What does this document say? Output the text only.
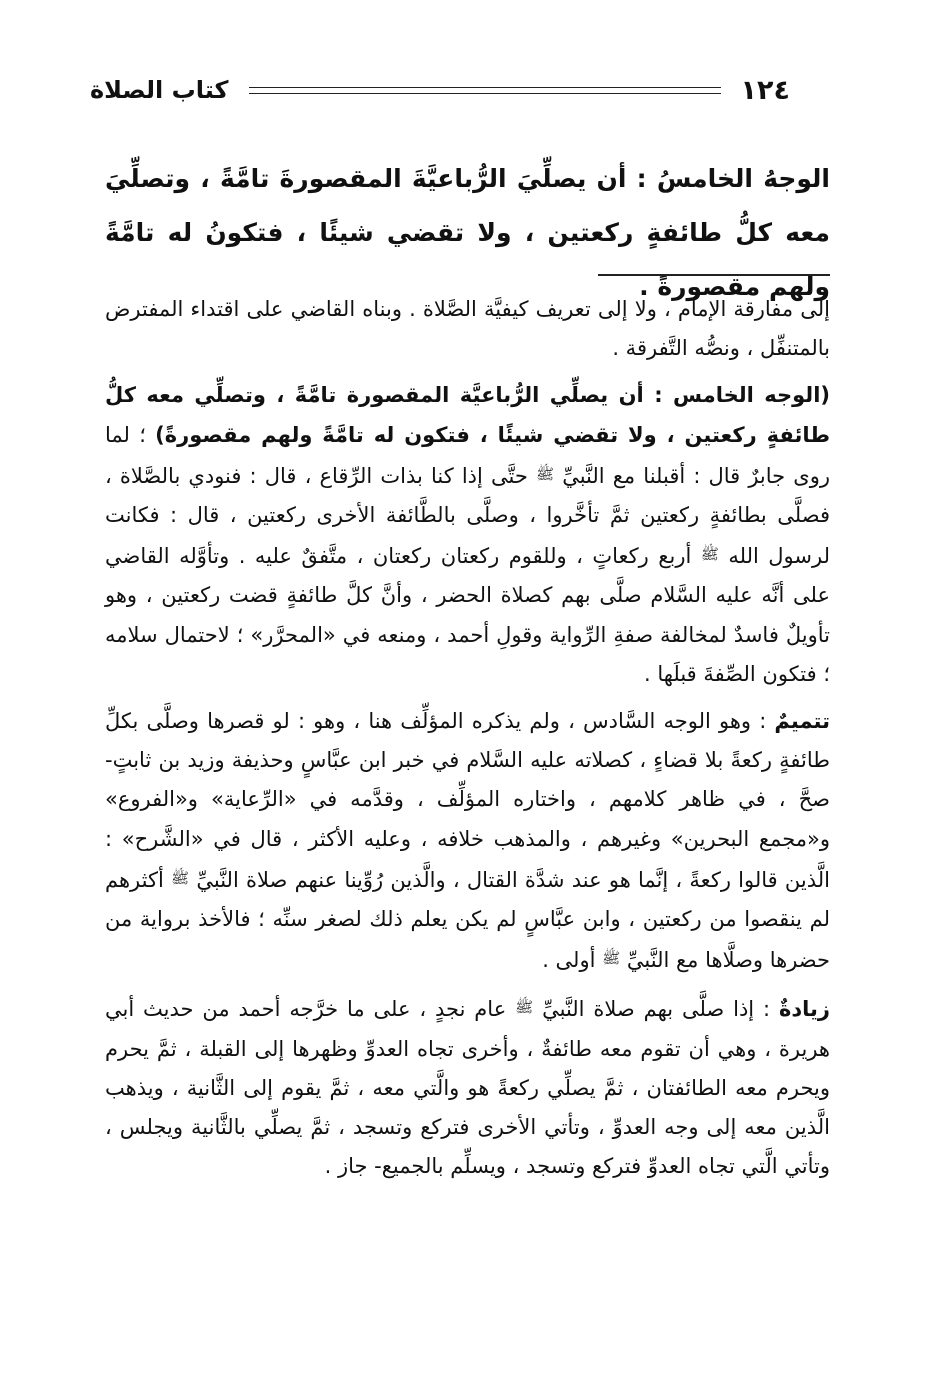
١٢٤
كتاب الصلاة
الوجهُ الخامسُ : أن يصلِّيَ الرُّباعيَّةَ المقصورةَ تامَّةً ، وتصلِّيَ معه كلُّ طائفةٍ ركعتين ، ولا تقضي شيئًا ، فتكونُ له تامَّةً ولهم مقصورةً .

إلى مفارقة الإمام ، ولا إلى تعريف كيفيَّة الصَّلاة . وبناه القاضي على اقتداء المفترض بالمتنفِّل ، ونصُّه التَّفرقة .

(الوجه الخامس : أن يصلِّي الرُّباعيَّة المقصورة تامَّةً ، وتصلِّي معه كلُّ طائفةٍ ركعتين ، ولا تقضي شيئًا ، فتكون له تامَّةً ولهم مقصورةً) ؛ لما روى جابرٌ قال : أقبلنا مع النَّبيِّ ﷺ حتَّى إذا كنا بذات الرِّقاع ، قال : فنودي بالصَّلاة ، فصلَّى بطائفةٍ ركعتين ثمَّ تأخَّروا ، وصلَّى بالطَّائفة الأخرى ركعتين ، قال : فكانت لرسول الله ﷺ أربع ركعاتٍ ، وللقوم ركعتان ركعتان ، متَّفقٌ عليه . وتأوَّله القاضي على أنَّه عليه السَّلام صلَّى بهم كصلاة الحضر ، وأنَّ كلَّ طائفةٍ قضت ركعتين ، وهو تأويلٌ فاسدٌ لمخالفة صفةِ الرِّواية وقولِ أحمد ، ومنعه في «المحرَّر» ؛ لاحتمال سلامه ؛ فتكون الصِّفةَ قبلَها .

تتميمٌ : وهو الوجه السَّادس ، ولم يذكره المؤلِّف هنا ، وهو : لو قصرها وصلَّى بكلِّ طائفةٍ ركعةً بلا قضاءٍ ، كصلاته عليه السَّلام في خبر ابن عبَّاسٍ وحذيفة وزيد بن ثابتٍ- صحَّ ، في ظاهر كلامهم ، واختاره المؤلِّف ، وقدَّمه في «الرِّعاية» و«الفروع» و«مجمع البحرين» وغيرهم ، والمذهب خلافه ، وعليه الأكثر ، قال في «الشَّرح» : الَّذين قالوا ركعةً ، إنَّما هو عند شدَّة القتال ، والَّذين رُوِّينا عنهم صلاة النَّبيِّ ﷺ أكثرهم لم ينقصوا من ركعتين ، وابن عبَّاسٍ لم يكن يعلم ذلك لصغر سنِّه ؛ فالأخذ برواية من حضرها وصلَّاها مع النَّبيِّ ﷺ أولى .

زيادةٌ : إذا صلَّى بهم صلاة النَّبيِّ ﷺ عام نجدٍ ، على ما خرَّجه أحمد من حديث أبي هريرة ، وهي أن تقوم معه طائفةٌ ، وأخرى تجاه العدوِّ وظهرها إلى القبلة ، ثمَّ يحرم ويحرم معه الطائفتان ، ثمَّ يصلِّي ركعةً هو والَّتي معه ، ثمَّ يقوم إلى الثَّانية ، ويذهب الَّذين معه إلى وجه العدوِّ ، وتأتي الأخرى فتركع وتسجد ، ثمَّ يصلِّي بالثَّانية ويجلس ، وتأتي الَّتي تجاه العدوِّ فتركع وتسجد ، ويسلِّم بالجميع- جاز .
